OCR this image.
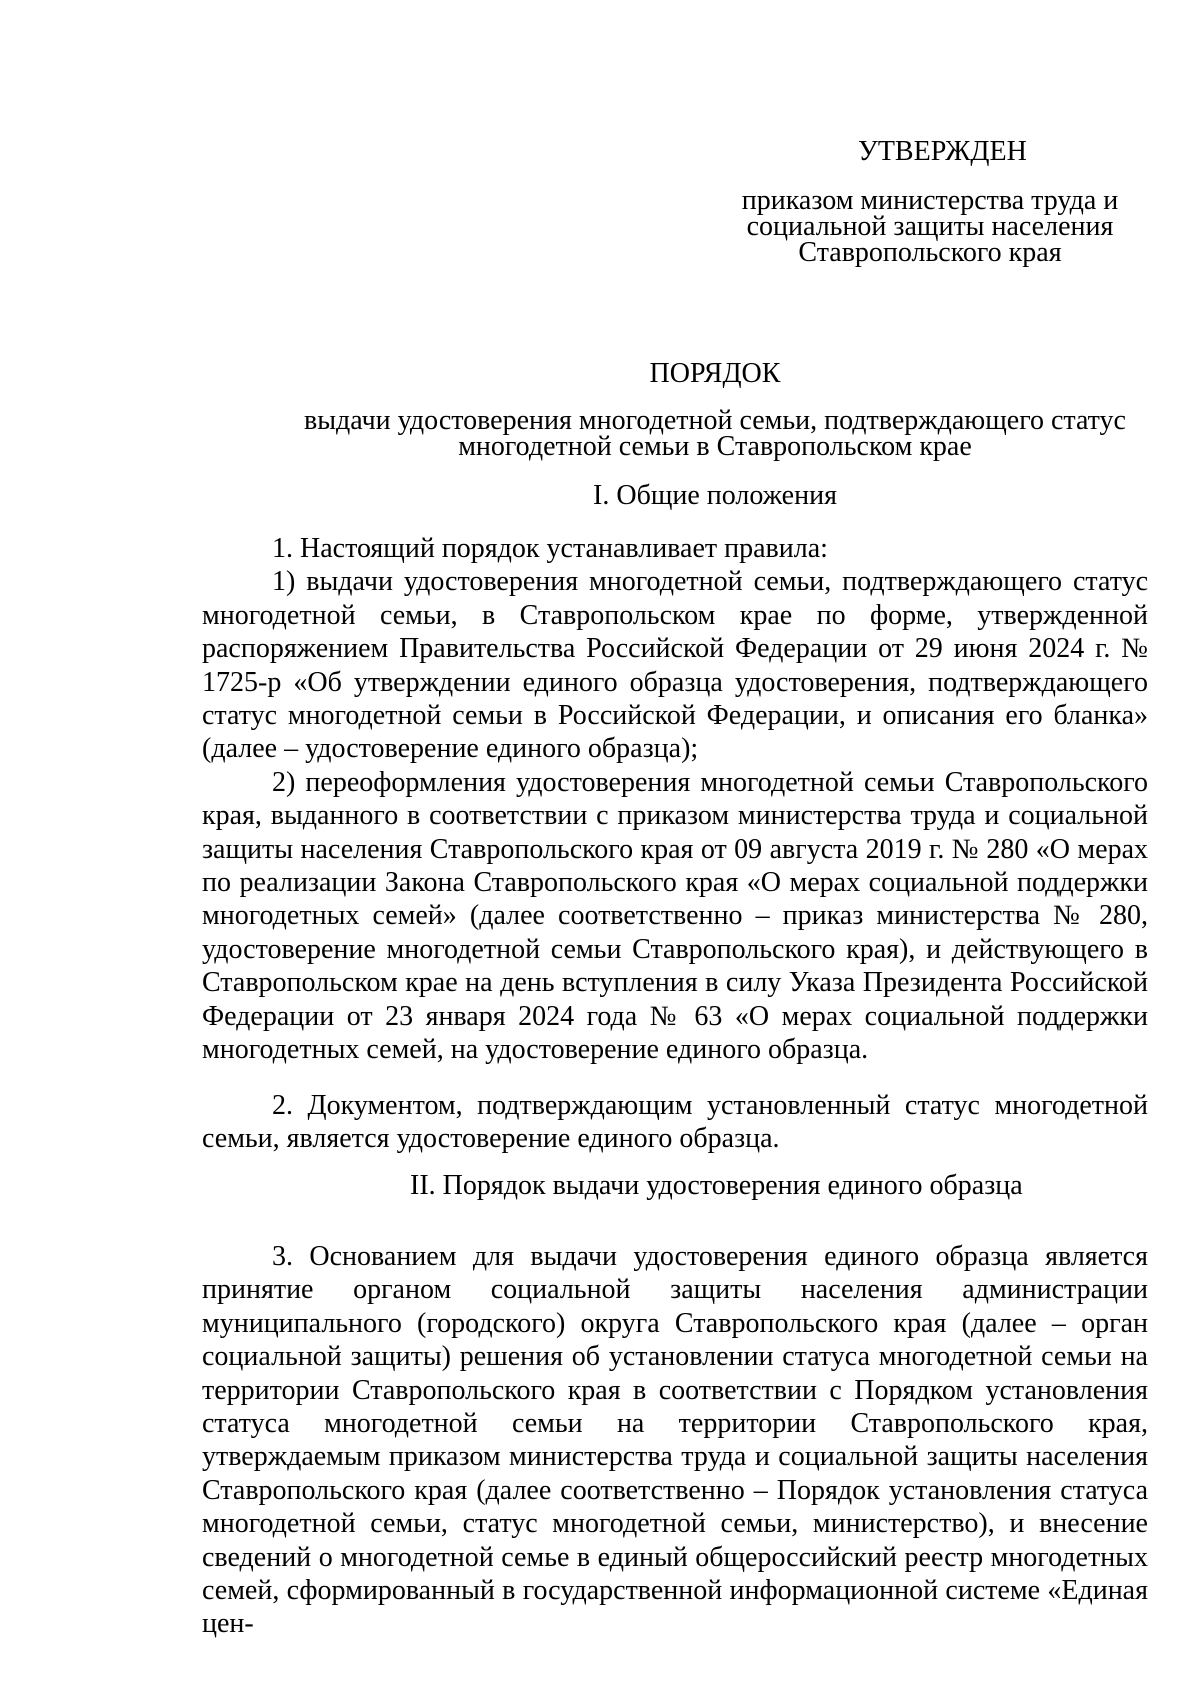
УТВЕРЖДЕН
приказом министерства труда и
социальной защиты населения
Ставропольского края
ПОРЯДОК
выдачи удостоверения многодетной семьи, подтверждающего статус
многодетной семьи в Ставропольском крае
I. Общие положения

1. Настоящий порядок устанавливает правила:

1) выдачи удостоверения многодетной семьи, подтверждающего статус многодетной семьи, в Ставропольском крае по форме, утвержденной распоряжением Правительства Российской Федерации от 29 июня 2024 г. № 1725-р «Об утверждении единого образца удостоверения, подтверждающего статус многодетной семьи в Российской Федерации, и описания его бланка» (далее – удостоверение единого образца);

2) переоформления удостоверения многодетной семьи Ставропольского края, выданного в соответствии с приказом министерства труда и социальной защиты населения Ставропольского края от 09 августа 2019 г. № 280 «О мерах по реализации Закона Ставропольского края «О мерах социальной поддержки многодетных семей» (далее соответственно – приказ министерства № 280, удостоверение многодетной семьи Ставропольского края), и действующего в Ставропольском крае на день вступления в силу Указа Президента Российской Федерации от 23 января 2024 года № 63 «О мерах социальной поддержки многодетных семей, на удостоверение единого образца.

2. Документом, подтверждающим установленный статус многодетной семьи, является удостоверение единого образца.

II. Порядок выдачи удостоверения единого образца

3. Основанием для выдачи удостоверения единого образца является принятие органом социальной защиты населения администрации муниципального (городского) округа Ставропольского края (далее – орган социальной защиты) решения об установлении статуса многодетной семьи на территории Ставропольского края в соответствии с Порядком установления статуса многодетной семьи на территории Ставропольского края, утверждаемым приказом министерства труда и социальной защиты населения Ставропольского края (далее соответственно – Порядок установления статуса многодетной семьи, статус многодетной семьи, министерство), и внесение сведений о многодетной семье в единый общероссийский реестр многодетных семей, сформированный в государственной информационной системе «Единая цен-
